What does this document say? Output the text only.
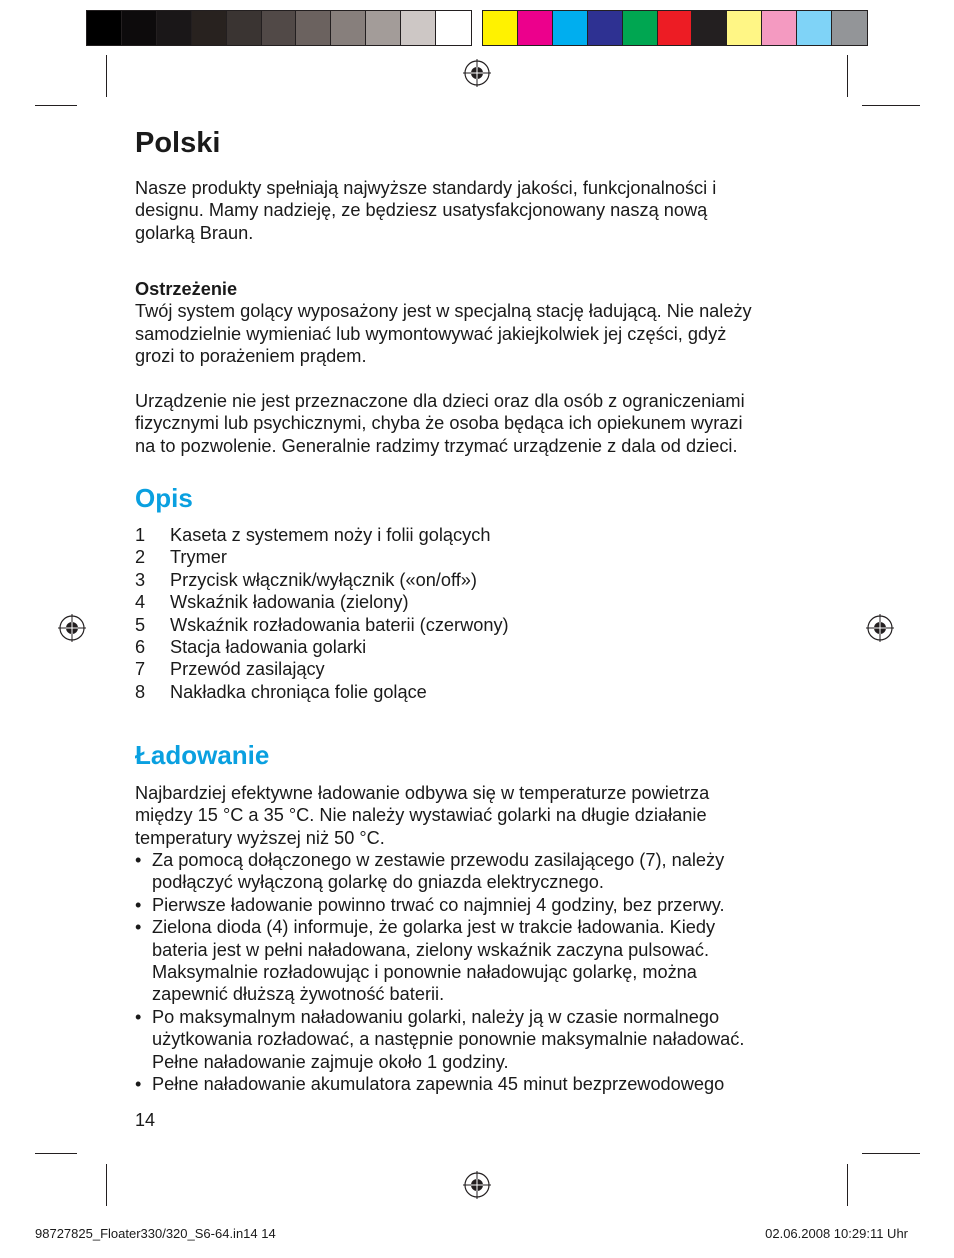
Polski

Nasze produkty spełniają najwyższe standardy jakości, funkcjonalności i
designu. Mamy nadzieję, ze będziesz usatysfakcjonowany naszą nową
golarką Braun.

Ostrzeżenie
Twój system golący wyposażony jest w specjalną stację ładującą. Nie należy
samodzielnie wymieniać lub wymontowywać jakiejkolwiek jej części, gdyż
grozi to porażeniem prądem.

Urządzenie nie jest przeznaczone dla dzieci oraz dla osób z ograniczeniami
fizycznymi lub psychicznymi, chyba że osoba będąca ich opiekunem wyrazi
na to pozwolenie. Generalnie radzimy trzymać urządzenie z dala od dzieci.

Opis
1	Kaseta z systemem noży i folii golących
2	Trymer
3	Przycisk włącznik/wyłącznik («on/off»)
4	Wskaźnik ładowania (zielony)
5	Wskaźnik rozładowania baterii (czerwony)
6	Stacja ładowania golarki
7	Przewód zasilający
8	Nakładka chroniąca folie golące
Ładowanie

Najbardziej efektywne ładowanie odbywa się w temperaturze powietrza
między 15 °C a 35 °C. Nie należy wystawiać golarki na długie działanie
temperatury wyższej niż 50 °C.

• Za pomocą dołączonego w zestawie przewodu zasilającego (7), należy
podłączyć wyłączoną golarkę do gniazda elektrycznego.
• Pierwsze ładowanie powinno trwać co najmniej 4 godziny, bez przerwy.
• Zielona dioda (4) informuje, że golarka jest w trakcie ładowania. Kiedy
bateria jest w pełni naładowana, zielony wskaźnik zaczyna pulsować.
Maksymalnie rozładowując i ponownie naładowując golarkę, można
zapewnić dłuższą żywotność baterii.
• Po maksymalnym naładowaniu golarki, należy ją w czasie normalnego
użytkowania rozładować, a następnie ponownie maksymalnie naładować.
Pełne naładowanie zajmuje około 1 godziny.
• Pełne naładowanie akumulatora zapewnia 45 minut bezprzewodowego
14
98727825_Floater330/320_S6-64.in14 14	02.06.2008 10:29:11 Uhr
